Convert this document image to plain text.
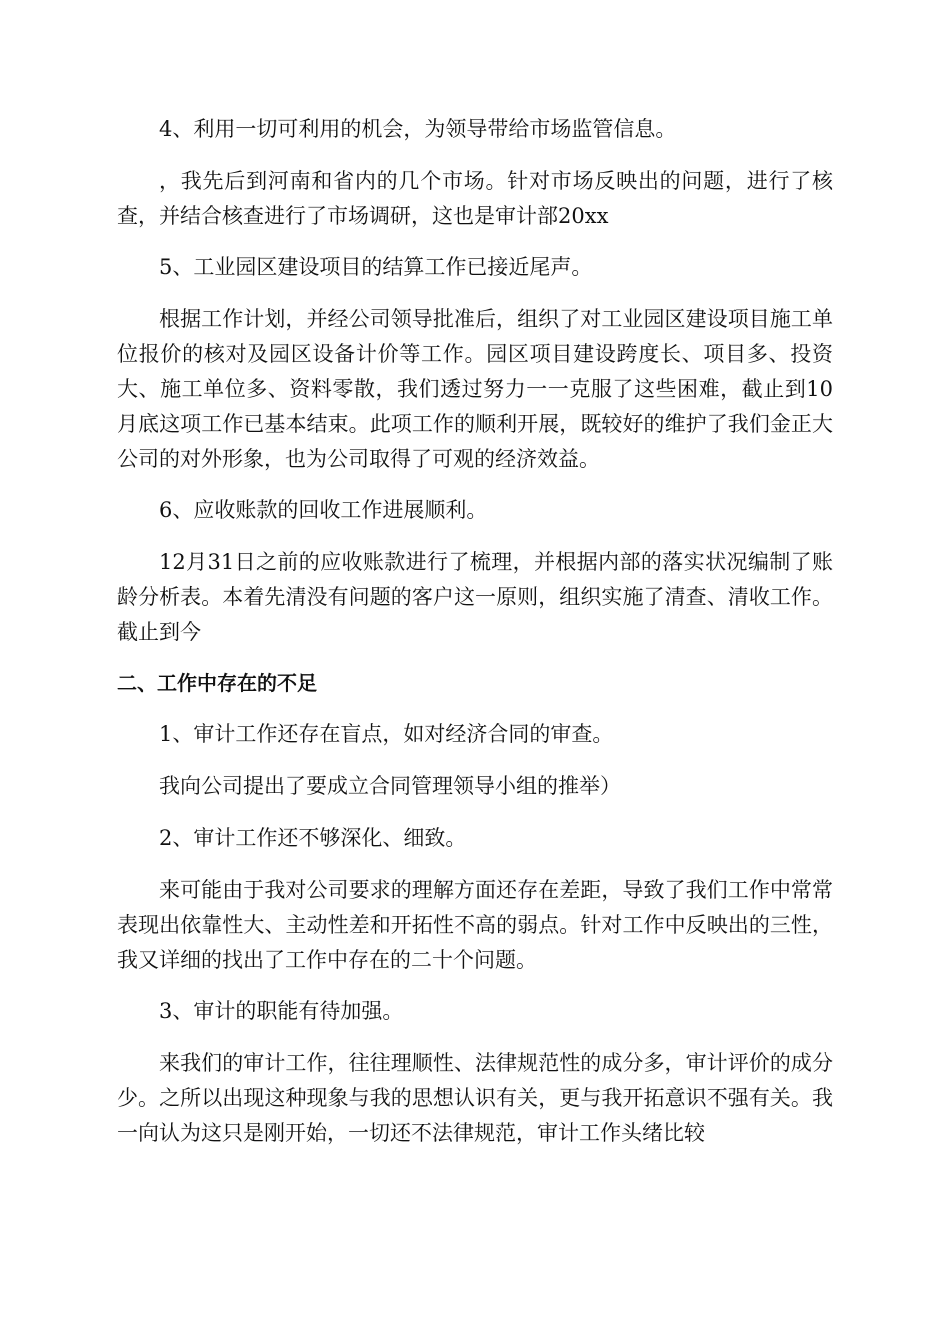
4、利用一切可利用的机会，为领导带给市场监管信息。

，我先后到河南和省内的几个市场。针对市场反映出的问题，进行了核查，并结合核查进行了市场调研，这也是审计部20xx

5、工业园区建设项目的结算工作已接近尾声。

根据工作计划，并经公司领导批准后，组织了对工业园区建设项目施工单位报价的核对及园区设备计价等工作。园区项目建设跨度长、项目多、投资大、施工单位多、资料零散，我们透过努力一一克服了这些困难，截止到10月底这项工作已基本结束。此项工作的顺利开展，既较好的维护了我们金正大公司的对外形象，也为公司取得了可观的经济效益。

6、应收账款的回收工作进展顺利。

12月31日之前的应收账款进行了梳理，并根据内部的落实状况编制了账龄分析表。本着先清没有问题的客户这一原则，组织实施了清查、清收工作。截止到今

二、工作中存在的不足

1、审计工作还存在盲点，如对经济合同的审查。

我向公司提出了要成立合同管理领导小组的推举）

2、审计工作还不够深化、细致。

来可能由于我对公司要求的理解方面还存在差距，导致了我们工作中常常表现出依靠性大、主动性差和开拓性不高的弱点。针对工作中反映出的三性，我又详细的找出了工作中存在的二十个问题。

3、审计的职能有待加强。

来我们的审计工作，往往理顺性、法律规范性的成分多，审计评价的成分少。之所以出现这种现象与我的思想认识有关，更与我开拓意识不强有关。我一向认为这只是刚开始，一切还不法律规范，审计工作头绪比较
